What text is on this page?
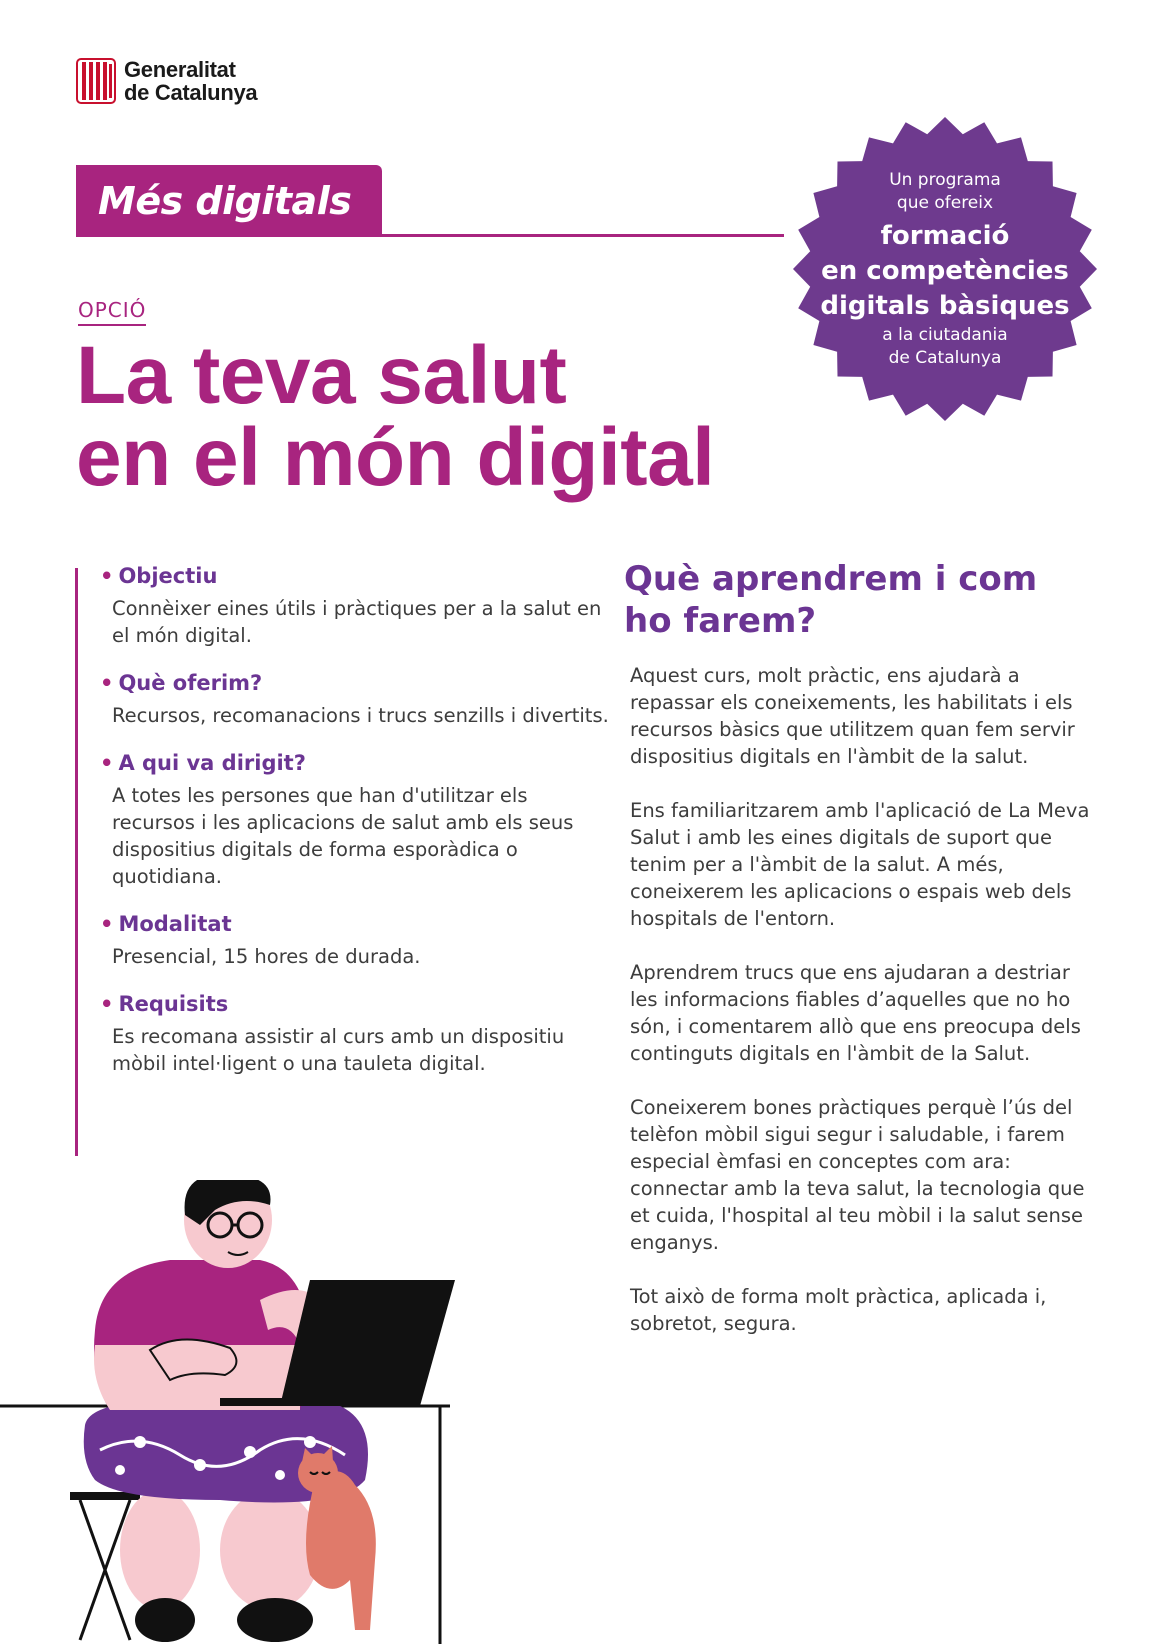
Generalitat
de Catalunya
Més digitals	Un programa
que ofereix
formació
en competències
digitals bàsiques
a la ciutadania
de Catalunya
OPCIÓ
La teva salut
en el món digital
• Objectiu
Connèixer eines útils i pràctiques per a la salut en el món digital.
• Què oferim?
Recursos, recomanacions i trucs senzills i divertits.
• A qui va dirigit?
A totes les persones que han d'utilitzar els recursos i les aplicacions de salut amb els seus dispositius digitals de forma esporàdica o quotidiana.
• Modalitat
Presencial, 15 hores de durada.
• Requisits
Es recomana assistir al curs amb un dispositiu mòbil intel·ligent o una tauleta digital.
Què aprendrem i com ho farem?

Aquest curs, molt pràctic, ens ajudarà a repassar els coneixements, les habilitats i els recursos bàsics que utilitzem quan fem servir dispositius digitals en l'àmbit de la salut.

Ens familiaritzarem amb l'aplicació de La Meva Salut i amb les eines digitals de suport que tenim per a l'àmbit de la salut. A més, coneixerem les aplicacions o espais web dels hospitals de l'entorn.

Aprendrem trucs que ens ajudaran a destriar les informacions fiables d’aquelles que no ho són, i comentarem allò que ens preocupa dels continguts digitals en l'àmbit de la Salut.

Coneixerem bones pràctiques perquè l’ús del telèfon mòbil sigui segur i saludable, i farem especial èmfasi en conceptes com ara: connectar amb la teva salut, la tecnologia que et cuida, l'hospital al teu mòbil i la salut sense enganys.

Tot això de forma molt pràctica, aplicada i, sobretot, segura.
